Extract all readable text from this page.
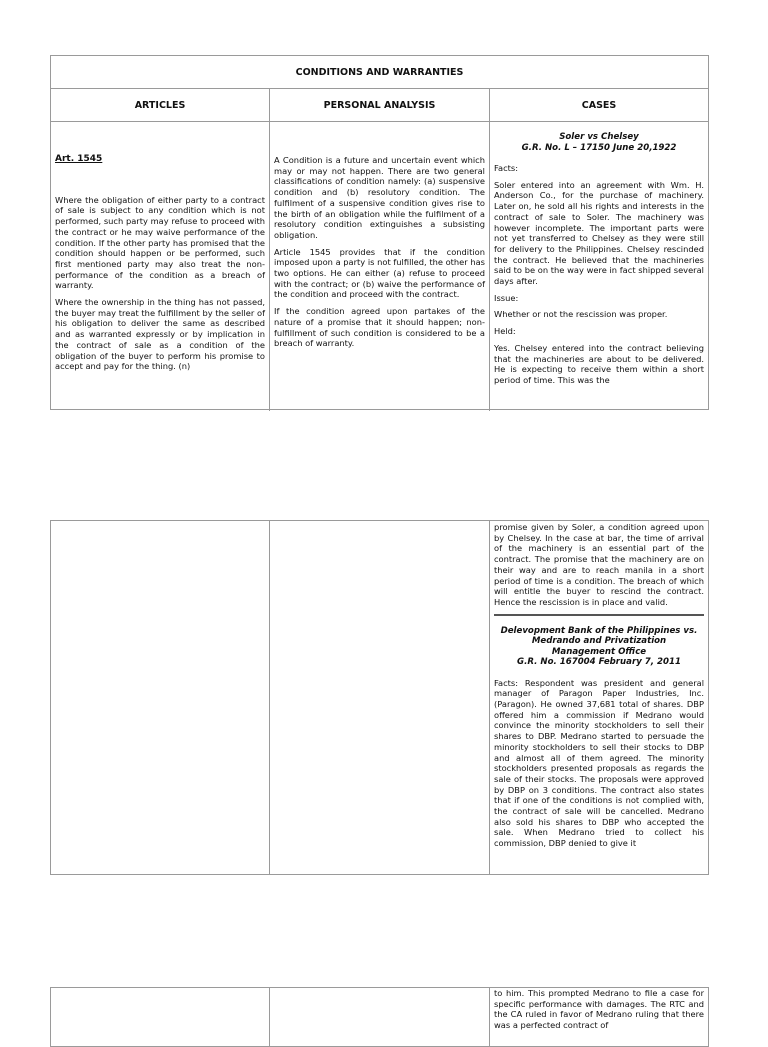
CONDITIONS AND WARRANTIES
ARTICLES	PERSONAL ANALYSIS	CASES
Art. 1545

Where the obligation of either party to a contract of sale is subject to any condition which is not performed, such party may refuse to proceed with the contract or he may waive performance of the condition. If the other party has promised that the condition should happen or be performed, such first mentioned party may also treat the non-performance of the condition as a breach of warranty.

Where the ownership in the thing has not passed, the buyer may treat the fulfillment by the seller of his obligation to deliver the same as described and as warranted expressly or by implication in the contract of sale as a condition of the obligation of the buyer to perform his promise to accept and pay for the thing. (n)

A Condition is a future and uncertain event which may or may not happen. There are two general classifications of condition namely: (a) suspensive condition and (b) resolutory condition. The fulfilment of a suspensive condition gives rise to the birth of an obligation while the fulfilment of a resolutory condition extinguishes a subsisting obligation.

Article 1545 provides that if the condition imposed upon a party is not fulfilled, the other has two options. He can either (a) refuse to proceed with the contract; or (b) waive the performance of the condition and proceed with the contract.

If the condition agreed upon partakes of the nature of a promise that it should happen; non-fulfillment of such condition is considered to be a breach of warranty.

Soler vs Chelsey
G.R. No. L – 17150 June 20,1922

Facts:

Soler entered into an agreement with Wm. H. Anderson Co., for the purchase of machinery. Later on, he sold all his rights and interests in the contract of sale to Soler. The machinery was however incomplete. The important parts were not yet transferred to Chelsey as they were still for delivery to the Philippines. Chelsey rescinded the contract. He believed that the machineries said to be on the way were in fact shipped several days after.

Issue:

Whether or not the rescission was proper.

Held:

Yes. Chelsey entered into the contract believing that the machineries are about to be delivered. He is expecting to receive them within a short period of time. This was the

promise given by Soler, a condition agreed upon by Chelsey. In the case at bar, the time of arrival of the machinery is an essential part of the contract. The promise that the machinery are on their way and are to reach manila in a short period of time is a condition. The breach of which will entitle the buyer to rescind the contract. Hence the rescission is in place and valid.

Delevopment Bank of the Philippines vs. Medrando and Privatization
Management Office
G.R. No. 167004 February 7, 2011

Facts: Respondent was president and general manager of Paragon Paper Industries, Inc. (Paragon). He owned 37,681 total of shares. DBP offered him a commission if Medrano would convince the minority stockholders to sell their shares to DBP. Medrano started to persuade the minority stockholders to sell their stocks to DBP and almost all of them agreed. The minority stockholders presented proposals as regards the sale of their stocks. The proposals were approved by DBP on 3 conditions. The contract also states that if one of the conditions is not complied with, the contract of sale will be cancelled. Medrano also sold his shares to DBP who accepted the sale. When Medrano tried to collect his commission, DBP denied to give it

to him. This prompted Medrano to file a case for specific performance with damages. The RTC and the CA ruled in favor of Medrano ruling that there was a perfected contract of
